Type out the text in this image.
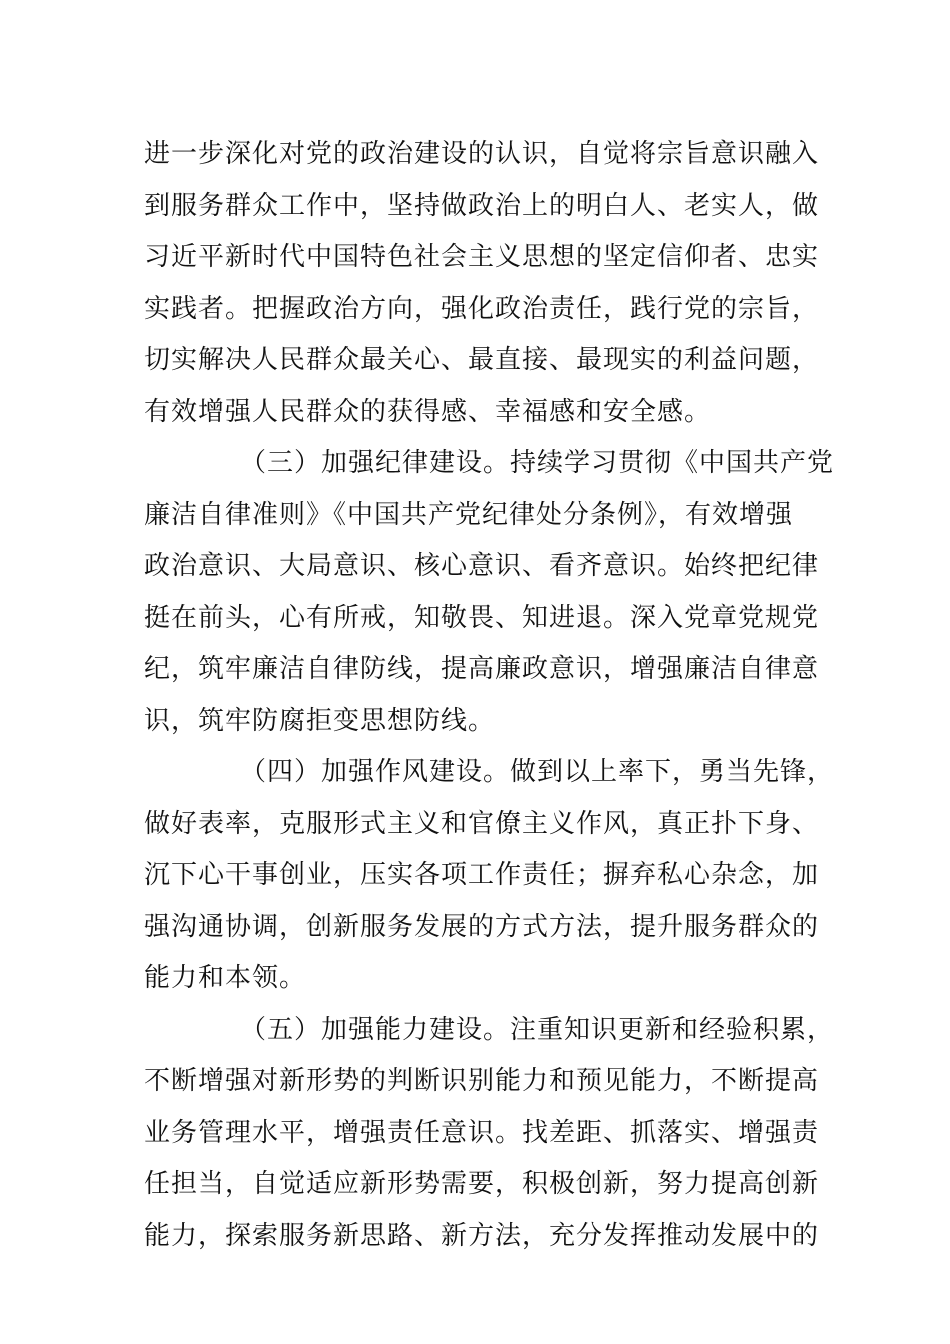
进一步深化对党的政治建设的认识，自觉将宗旨意识融入
到服务群众工作中，坚持做政治上的明白人、老实人，做
习近平新时代中国特色社会主义思想的坚定信仰者、忠实
实践者。把握政治方向，强化政治责任，践行党的宗旨，
切实解决人民群众最关心、最直接、最现实的利益问题，
有效增强人民群众的获得感、幸福感和安全感。
（三）加强纪律建设。持续学习贯彻《中国共产党
廉洁自律准则》《中国共产党纪律处分条例》，有效增强
政治意识、大局意识、核心意识、看齐意识。始终把纪律
挺在前头，心有所戒，知敬畏、知进退。深入党章党规党
纪，筑牢廉洁自律防线，提高廉政意识，增强廉洁自律意
识，筑牢防腐拒变思想防线。
（四）加强作风建设。做到以上率下，勇当先锋，
做好表率，克服形式主义和官僚主义作风，真正扑下身、
沉下心干事创业，压实各项工作责任；摒弃私心杂念，加
强沟通协调，创新服务发展的方式方法，提升服务群众的
能力和本领。
（五）加强能力建设。注重知识更新和经验积累，
不断增强对新形势的判断识别能力和预见能力，不断提高
业务管理水平，增强责任意识。找差距、抓落实、增强责
任担当，自觉适应新形势需要，积极创新，努力提高创新
能力，探索服务新思路、新方法，充分发挥推动发展中的
